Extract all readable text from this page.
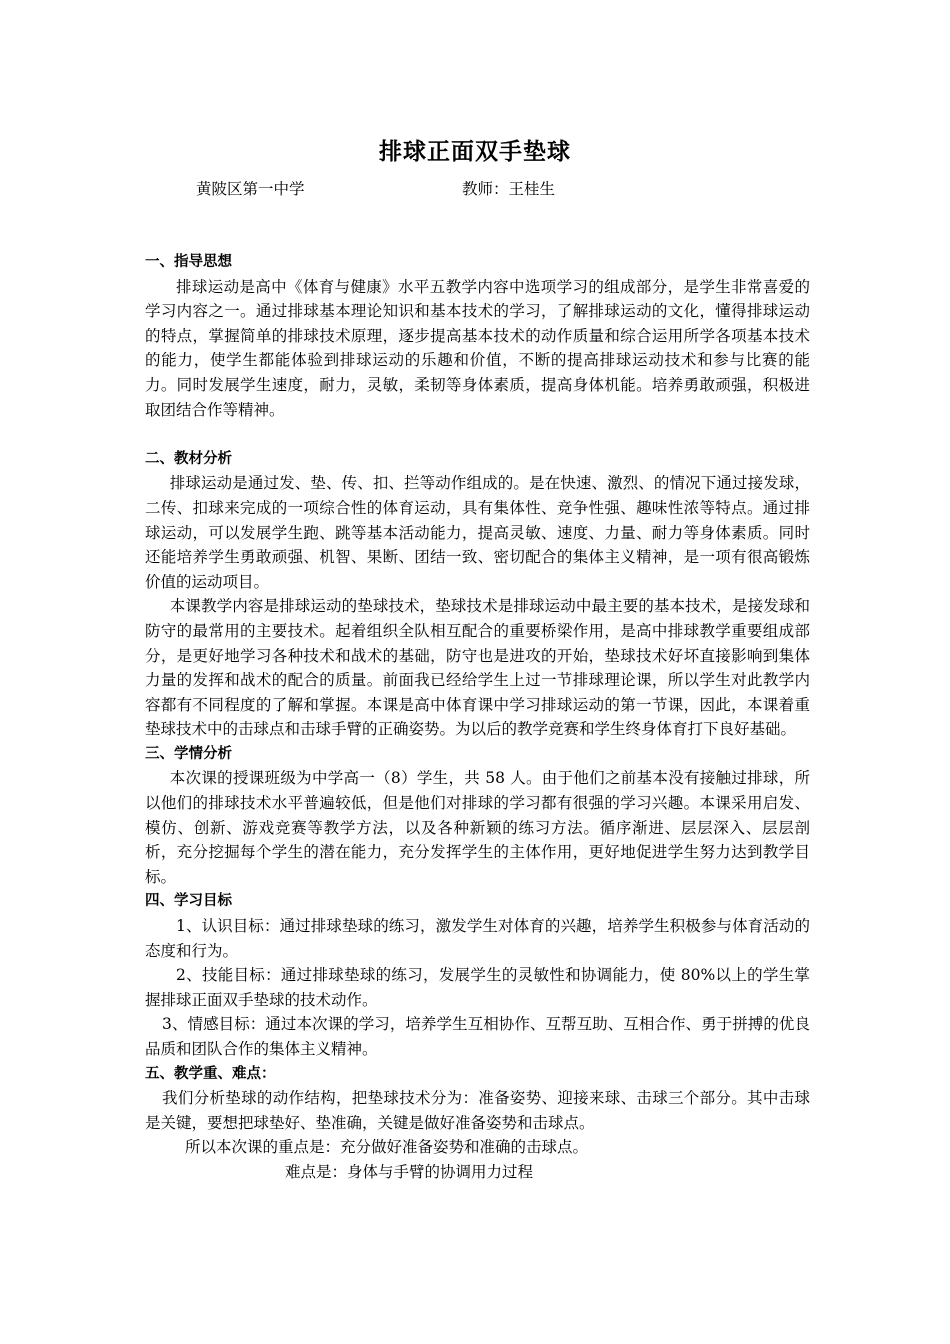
排球正面双手垫球
黄陂区第一中学	教师：王桂生

一、指导思想

排球运动是高中《体育与健康》水平五教学内容中选项学习的组成部分，是学生非常喜爱的学习内容之一。通过排球基本理论知识和基本技术的学习，了解排球运动的文化，懂得排球运动的特点，掌握简单的排球技术原理，逐步提高基本技术的动作质量和综合运用所学各项基本技术的能力，使学生都能体验到排球运动的乐趣和价值，不断的提高排球运动技术和参与比赛的能力。同时发展学生速度，耐力，灵敏，柔韧等身体素质，提高身体机能。培养勇敢顽强，积极进取团结合作等精神。

二、教材分析

排球运动是通过发、垫、传、扣、拦等动作组成的。是在快速、激烈、的情况下通过接发球，二传、扣球来完成的一项综合性的体育运动，具有集体性、竞争性强、趣味性浓等特点。通过排球运动，可以发展学生跑、跳等基本活动能力，提高灵敏、速度、力量、耐力等身体素质。同时还能培养学生勇敢顽强、机智、果断、团结一致、密切配合的集体主义精神，是一项有很高锻炼价值的运动项目。

本课教学内容是排球运动的垫球技术，垫球技术是排球运动中最主要的基本技术，是接发球和防守的最常用的主要技术。起着组织全队相互配合的重要桥梁作用，是高中排球教学重要组成部分，是更好地学习各种技术和战术的基础，防守也是进攻的开始，垫球技术好坏直接影响到集体力量的发挥和战术的配合的质量。前面我已经给学生上过一节排球理论课，所以学生对此教学内容都有不同程度的了解和掌握。本课是高中体育课中学习排球运动的第一节课，因此，本课着重垫球技术中的击球点和击球手臂的正确姿势。为以后的教学竞赛和学生终身体育打下良好基础。

三、学情分析

本次课的授课班级为中学高一（8）学生，共 58 人。由于他们之前基本没有接触过排球，所以他们的排球技术水平普遍较低，但是他们对排球的学习都有很强的学习兴趣。本课采用启发、模仿、创新、游戏竞赛等教学方法，以及各种新颖的练习方法。循序渐进、层层深入、层层剖析，充分挖掘每个学生的潜在能力，充分发挥学生的主体作用，更好地促进学生努力达到教学目标。

四、学习目标

1、认识目标：通过排球垫球的练习，激发学生对体育的兴趣，培养学生积极参与体育活动的态度和行为。

2、技能目标：通过排球垫球的练习，发展学生的灵敏性和协调能力，使 80%以上的学生掌握排球正面双手垫球的技术动作。

3、情感目标：通过本次课的学习，培养学生互相协作、互帮互助、互相合作、勇于拼搏的优良品质和团队合作的集体主义精神。

五、教学重、难点：

我们分析垫球的动作结构，把垫球技术分为：准备姿势、迎接来球、击球三个部分。其中击球是关键，要想把球垫好、垫准确，关键是做好准备姿势和击球点。

所以本次课的重点是：充分做好准备姿势和准确的击球点。

难点是：身体与手臂的协调用力过程
